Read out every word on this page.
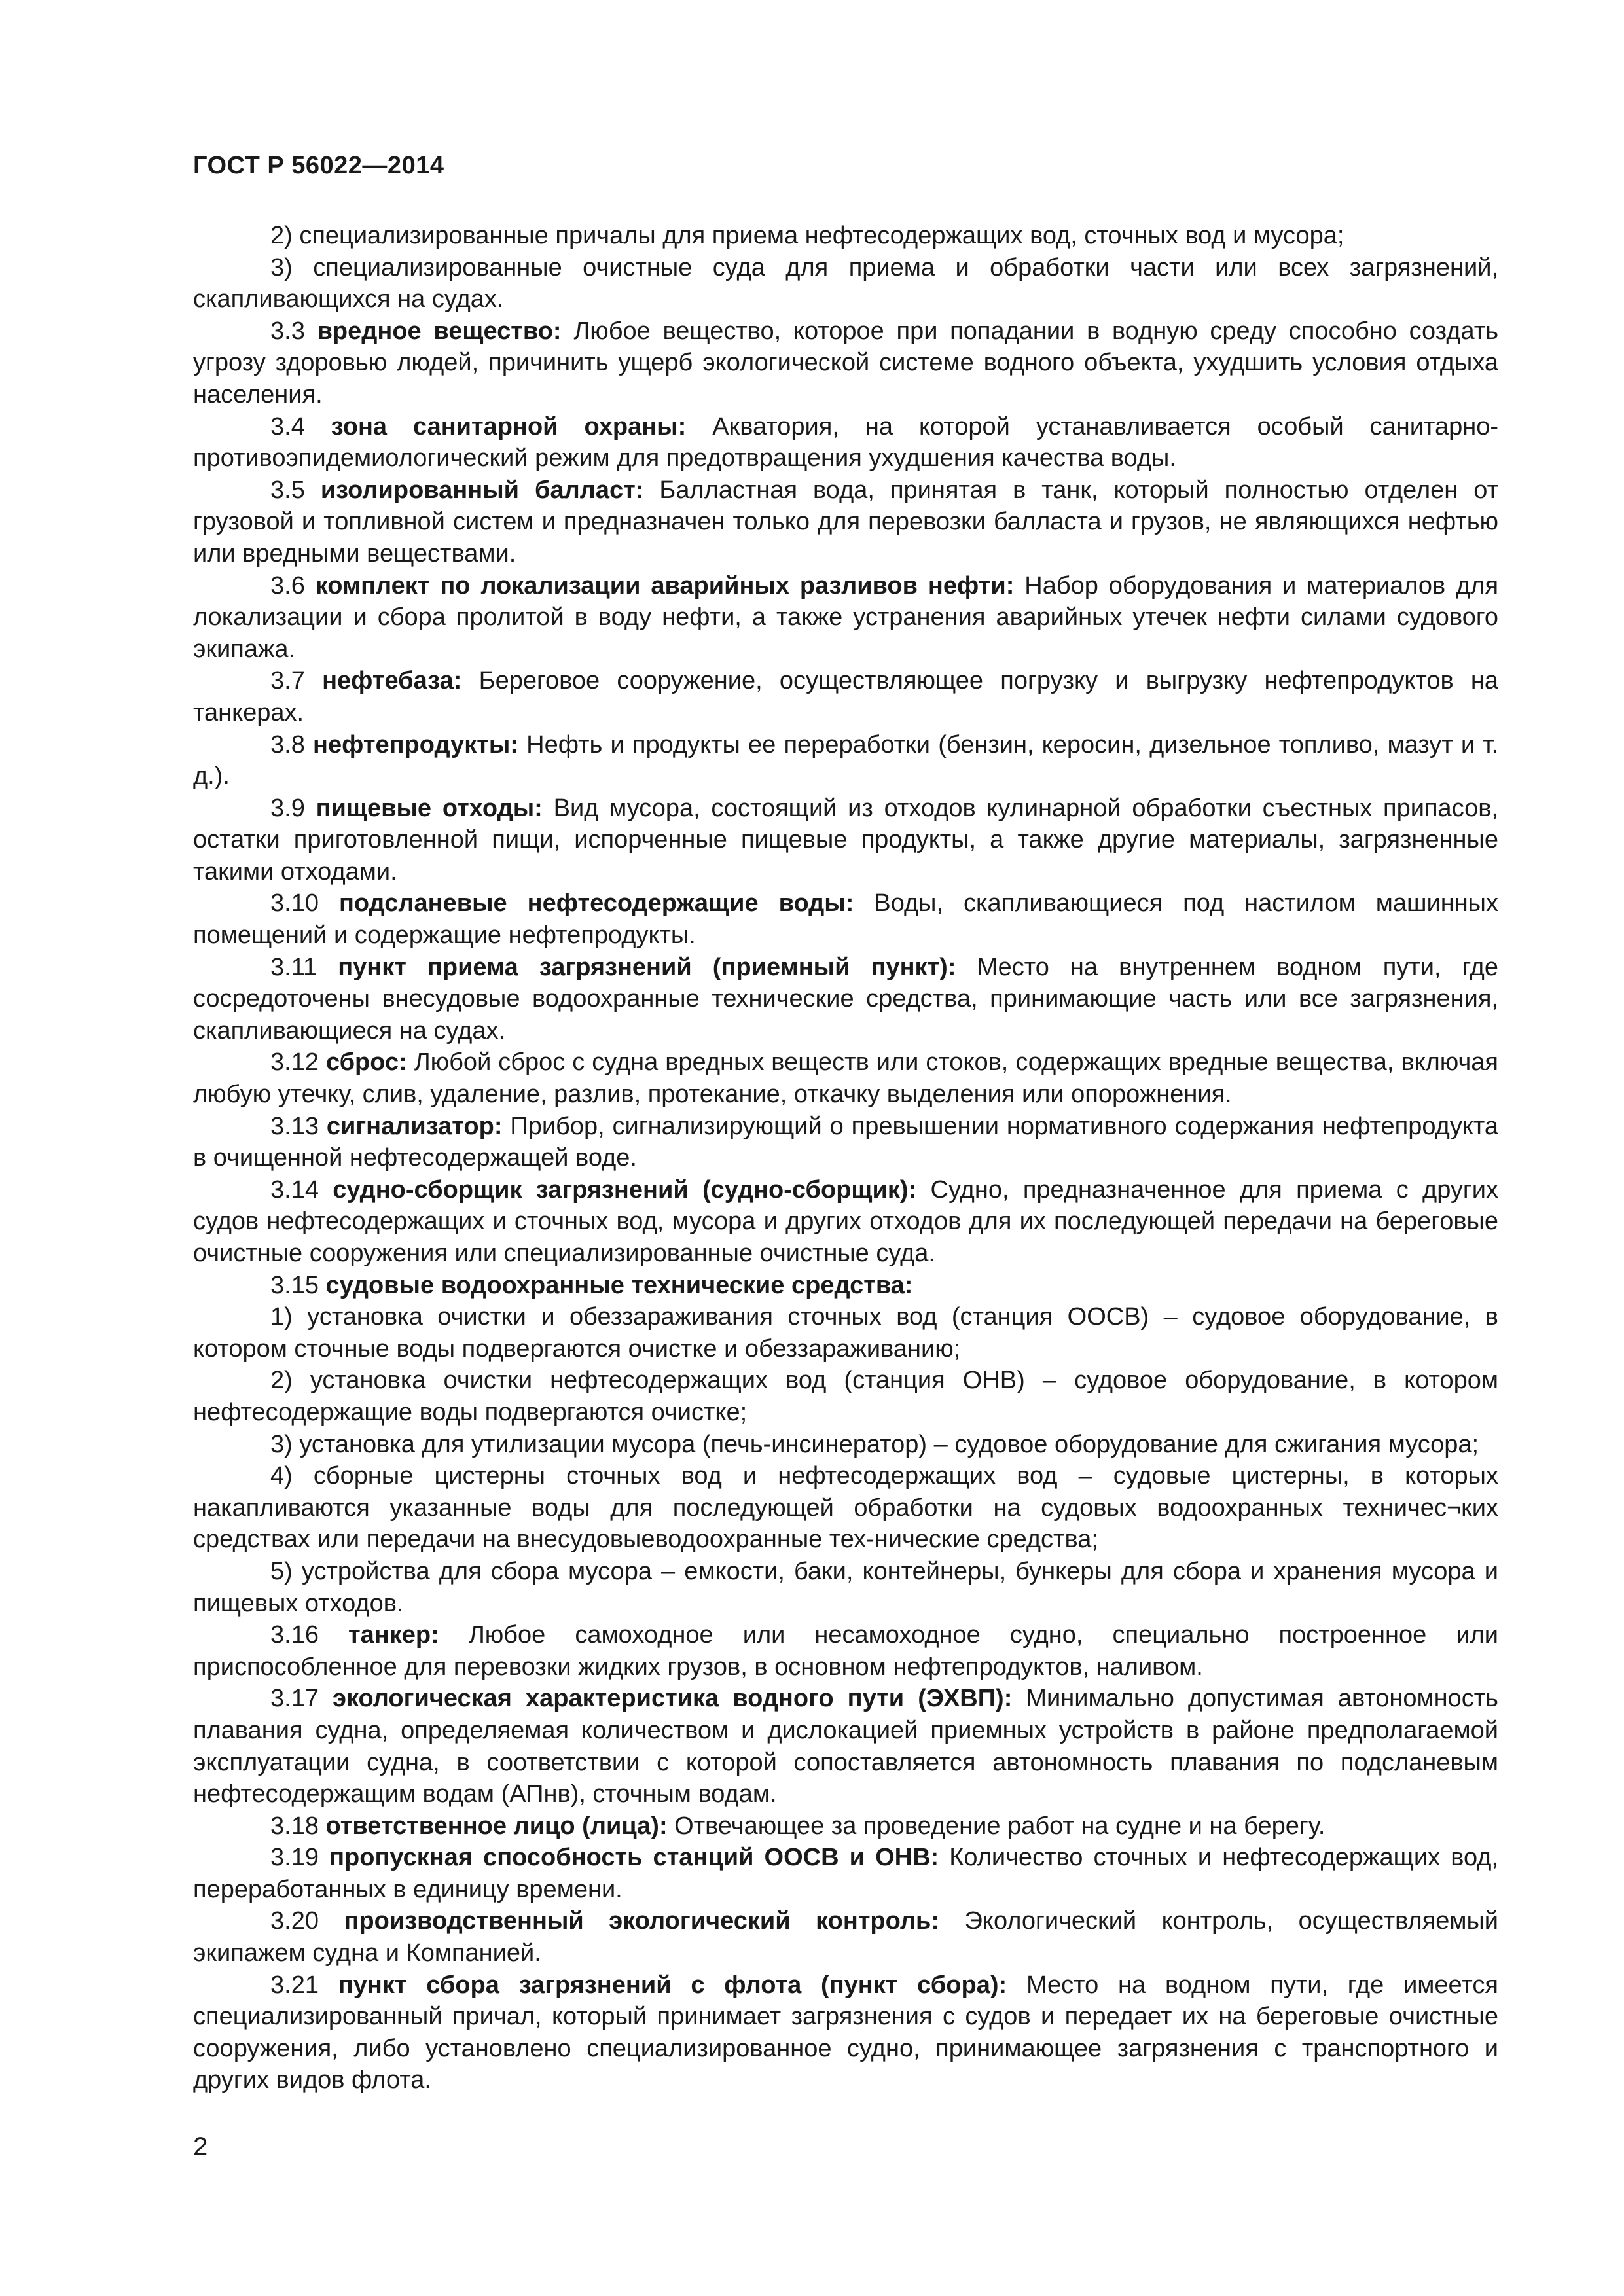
ГОСТ Р 56022—2014

2) специализированные причалы для приема нефтесодержащих вод, сточных вод и мусора;

3) специализированные очистные суда для приема и обработки части или всех загрязнений, скапливающихся на судах.

3.3 вредное вещество: Любое вещество, которое при попадании в водную среду способно создать угрозу здоровью людей, причинить ущерб экологической системе водного объекта, ухудшить условия отдыха населения.

3.4 зона санитарной охраны: Акватория, на которой устанавливается особый санитарно-противоэпидемиологический режим для предотвращения ухудшения качества воды.

3.5 изолированный балласт: Балластная вода, принятая в танк, который полностью отделен от грузовой и топливной систем и предназначен только для перевозки балласта и грузов, не являющихся нефтью или вредными веществами.

3.6 комплект по локализации аварийных разливов нефти: Набор оборудования и материалов для локализации и сбора пролитой в воду нефти, а также устранения аварийных утечек нефти силами судового экипажа.

3.7 нефтебаза: Береговое сооружение, осуществляющее погрузку и выгрузку нефтепродуктов на танкерах.

3.8 нефтепродукты: Нефть и продукты ее переработки (бензин, керосин, дизельное топливо, мазут и т. д.).

3.9 пищевые отходы: Вид мусора, состоящий из отходов кулинарной обработки съестных припасов, остатки приготовленной пищи, испорченные пищевые продукты, а также другие материалы, загрязненные такими отходами.

3.10 подсланевые нефтесодержащие воды: Воды, скапливающиеся под настилом машинных помещений и содержащие нефтепродукты.

3.11 пункт приема загрязнений (приемный пункт): Место на внутреннем водном пути, где сосредоточены внесудовые водоохранные технические средства, принимающие часть или все загрязнения, скапливающиеся на судах.

3.12 сброс: Любой сброс с судна вредных веществ или стоков, содержащих вредные вещества, включая любую утечку, слив, удаление, разлив, протекание, откачку выделения или опорожнения.

3.13 сигнализатор: Прибор, сигнализирующий о превышении нормативного содержания нефтепродукта в очищенной нефтесодержащей воде.

3.14 судно-сборщик загрязнений (судно-сборщик): Судно, предназначенное для приема с других судов нефтесодержащих и сточных вод, мусора и других отходов для их последующей передачи на береговые очистные сооружения или специализированные очистные суда.

3.15 судовые водоохранные технические средства:

1) установка очистки и обеззараживания сточных вод (станция ООСВ) – судовое оборудование, в котором сточные воды подвергаются очистке и обеззараживанию;

2) установка очистки нефтесодержащих вод (станция ОНВ) – судовое оборудование, в котором нефтесодержащие воды подвергаются очистке;

3) установка для утилизации мусора (печь-инсинератор) – судовое оборудование для сжигания мусора;

4) сборные цистерны сточных вод и нефтесодержащих вод – судовые цистерны, в которых накапливаются указанные воды для последующей обработки на судовых водоохранных техничес¬ких средствах или передачи на внесудовыеводоохранные тех-нические средства;

5) устройства для сбора мусора – емкости, баки, контейнеры, бункеры для сбора и хранения мусора и пищевых отходов.

3.16 танкер: Любое самоходное или несамоходное судно, специально построенное или приспособленное для перевозки жидких грузов, в основном нефтепродуктов, наливом.

3.17 экологическая характеристика водного пути (ЭХВП): Минимально допустимая автономность плавания судна, определяемая количеством и дислокацией приемных устройств в районе предполагаемой эксплуатации судна, в соответствии с которой сопоставляется автономность плавания по подсланевым нефтесодержащим водам (АПнв), сточным водам.

3.18 ответственное лицо (лица): Отвечающее за проведение работ на судне и на берегу.

3.19 пропускная способность станций ООСВ и ОНВ: Количество сточных и нефтесодержащих вод, переработанных в единицу времени.

3.20 производственный экологический контроль: Экологический контроль, осуществляемый экипажем судна и Компанией.

3.21 пункт сбора загрязнений с флота (пункт сбора): Место на водном пути, где имеется специализированный причал, который принимает загрязнения с судов и передает их на береговые очистные сооружения, либо установлено специализированное судно, принимающее загрязнения с транспортного и других видов флота.

2
